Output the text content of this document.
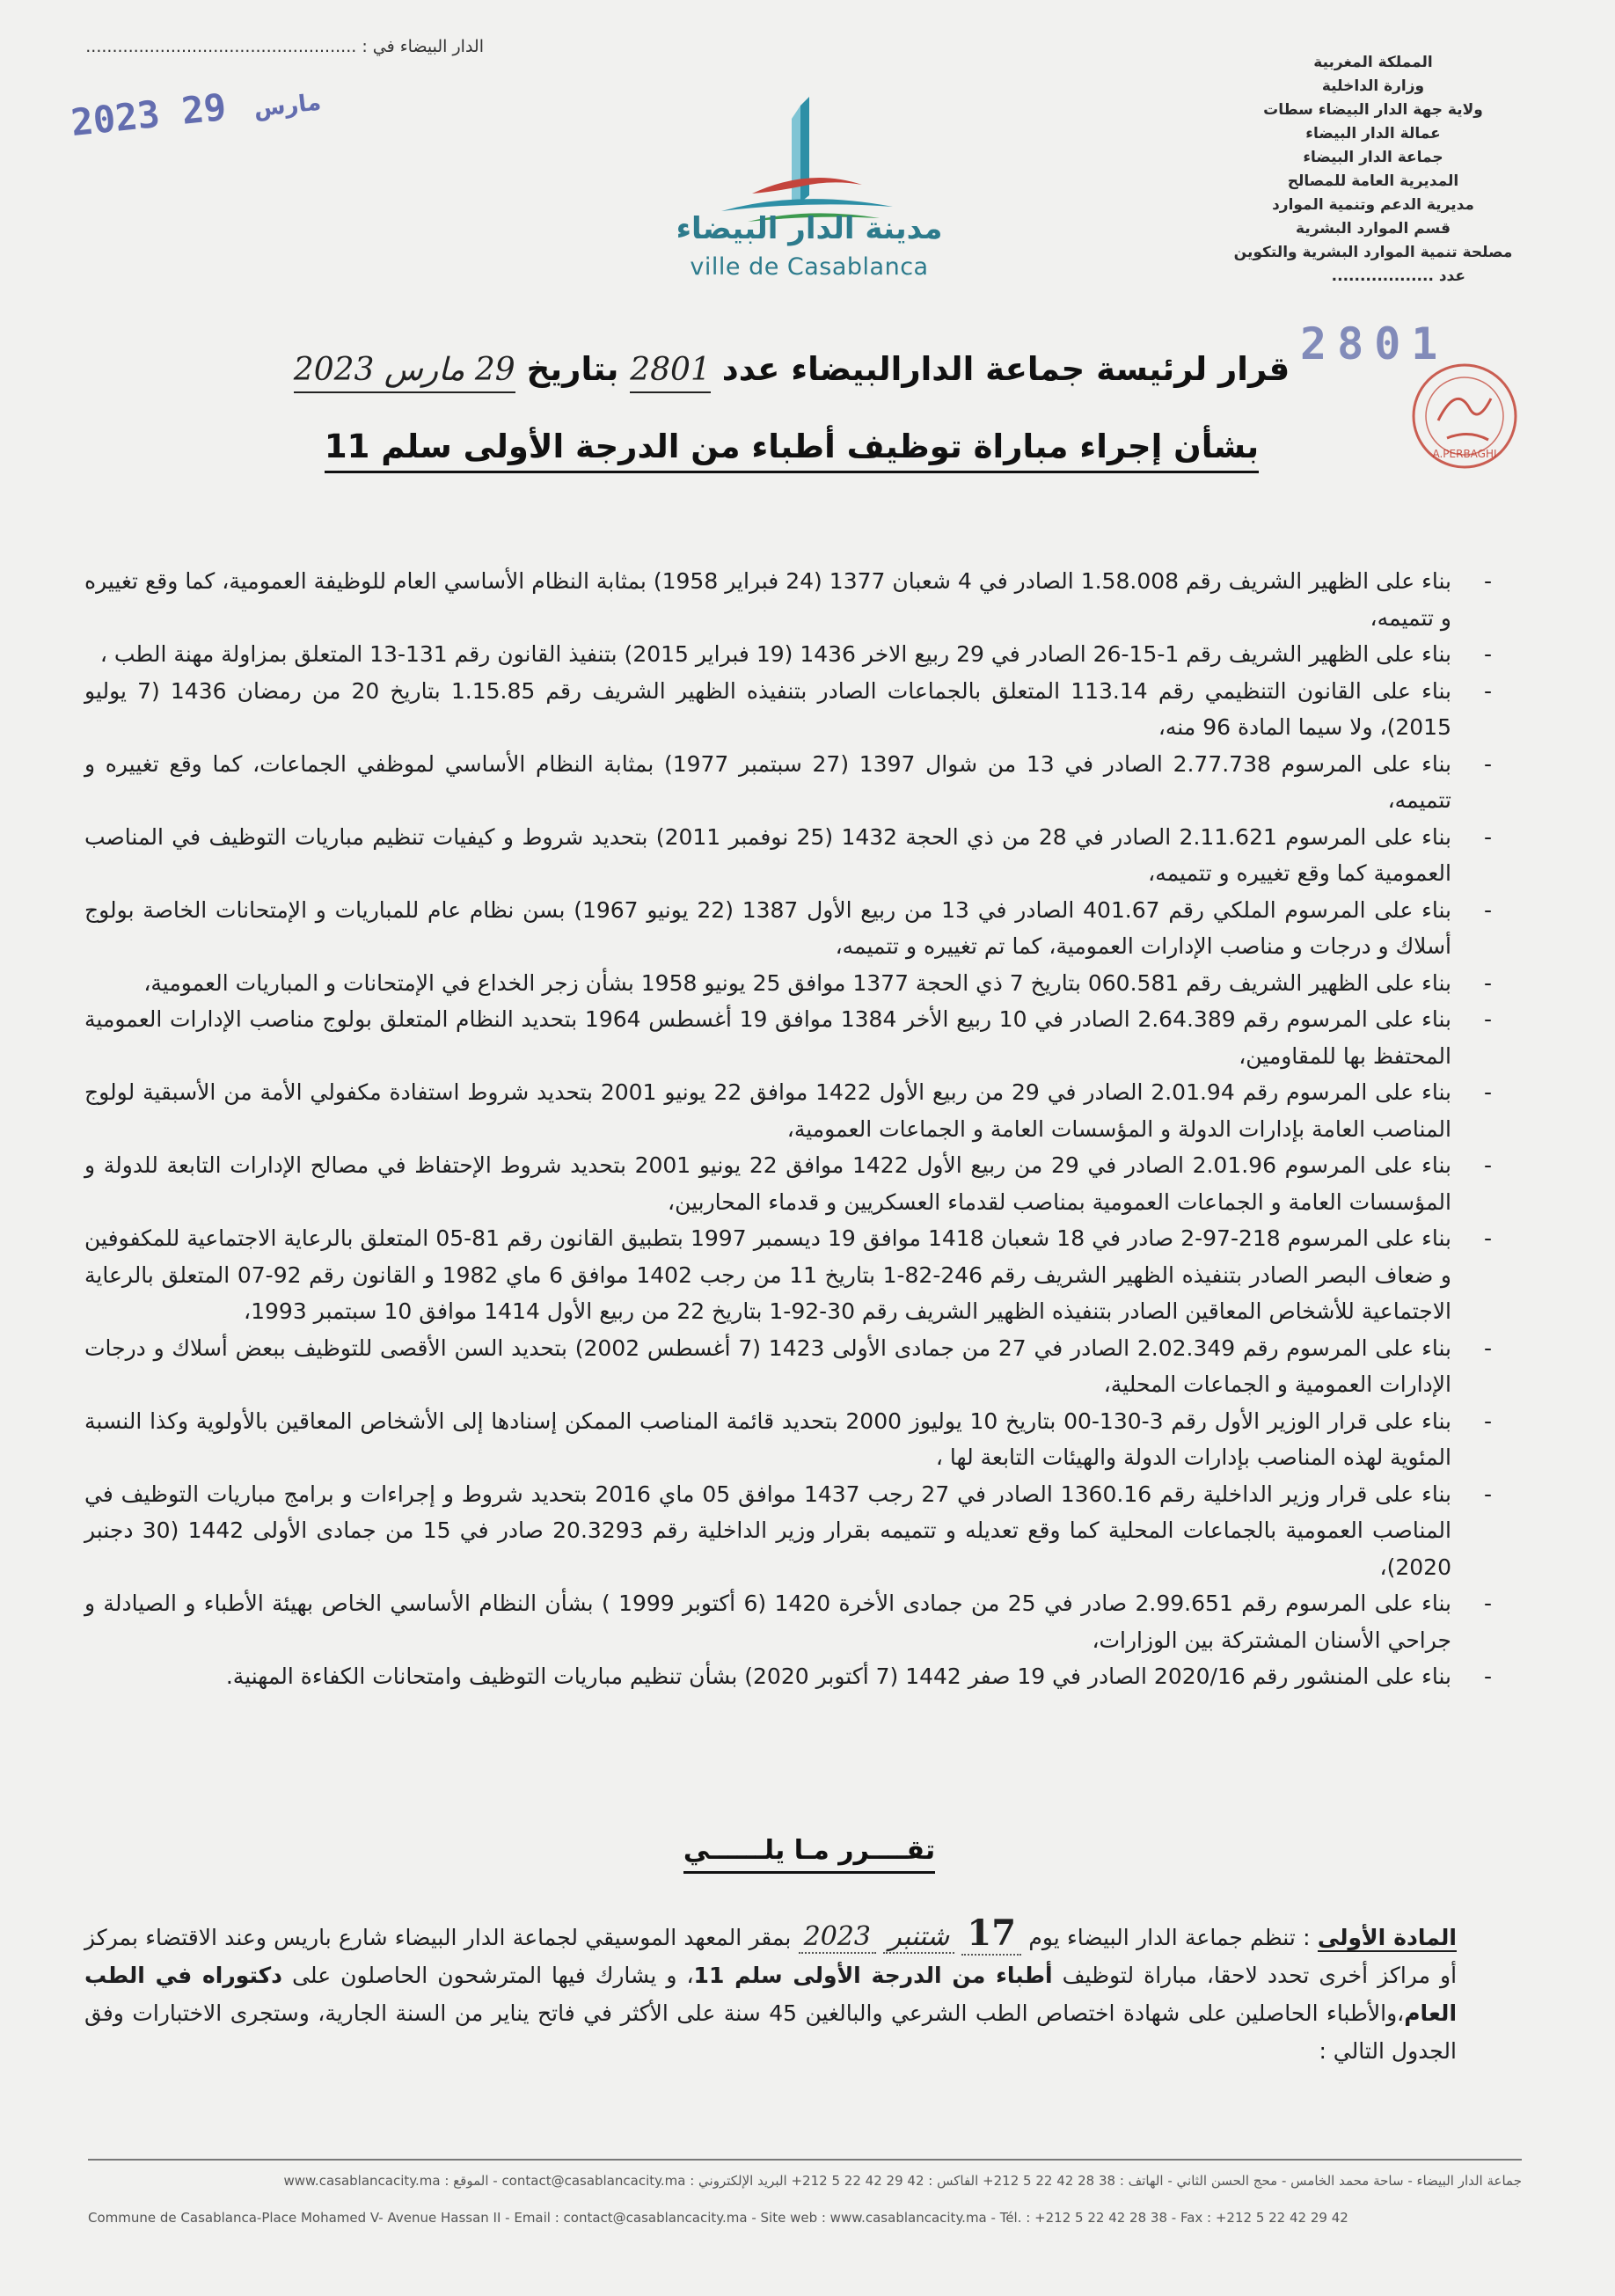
الدار البيضاء في : ...................................................
2023	مارس 29
مدينة الدار البيضاء
ville de Casablanca
المملكة المغربية
وزارة الداخلية
ولاية جهة الدار البيضاء سطات
عمالة الدار البيضاء
جماعة الدار البيضاء
المديرية العامة للمصالح
مديرية الدعم وتنمية الموارد
قسم الموارد البشرية
مصلحة تنمية الموارد البشرية والتكوين
عدد ..................
2801
A.PERBAGHI
قرار لرئيسة جماعة الدارالبيضاء عدد 2801 بتاريخ 29 مارس 2023
بشأن إجراء مباراة توظيف أطباء من الدرجة الأولى سلم 11
- بناء على الظهير الشريف رقم 1.58.008 الصادر في 4 شعبان 1377 (24 فبراير 1958) بمثابة النظام الأساسي العام للوظيفة العمومية، كما وقع تغييره و تتميمه،
- بناء على الظهير الشريف رقم 1-15-26 الصادر في 29 ربيع الاخر 1436 (19 فبراير 2015) بتنفيذ القانون رقم 131-13 المتعلق بمزاولة مهنة الطب ،
- بناء على القانون التنظيمي رقم 113.14 المتعلق بالجماعات الصادر بتنفيذه الظهير الشريف رقم 1.15.85 بتاريخ 20 من رمضان 1436 (7 يوليو 2015)، ولا سيما المادة 96 منه،
- بناء على المرسوم 2.77.738 الصادر في 13 من شوال 1397 (27 سبتمبر 1977) بمثابة النظام الأساسي لموظفي الجماعات، كما وقع تغييره و تتميمه،
- بناء على المرسوم 2.11.621 الصادر في 28 من ذي الحجة 1432 (25 نوفمبر 2011) بتحديد شروط و كيفيات تنظيم مباريات التوظيف في المناصب العمومية كما وقع تغييره و تتميمه،
- بناء على المرسوم الملكي رقم 401.67 الصادر في 13 من ربيع الأول 1387 (22 يونيو 1967) بسن نظام عام للمباريات و الإمتحانات الخاصة بولوج أسلاك و درجات و مناصب الإدارات العمومية، كما تم تغييره و تتميمه،
- بناء على الظهير الشريف رقم 060.581 بتاريخ 7 ذي الحجة 1377 موافق 25 يونيو 1958 بشأن زجر الخداع في الإمتحانات و المباريات العمومية،
- بناء على المرسوم رقم 2.64.389 الصادر في 10 ربيع الأخر 1384 موافق 19 أغسطس 1964 بتحديد النظام المتعلق بولوج مناصب الإدارات العمومية المحتفظ بها للمقاومين،
- بناء على المرسوم رقم 2.01.94 الصادر في 29 من ربيع الأول 1422 موافق 22 يونيو 2001 بتحديد شروط استفادة مكفولي الأمة من الأسبقية لولوج المناصب العامة بإدارات الدولة و المؤسسات العامة و الجماعات العمومية،
- بناء على المرسوم 2.01.96 الصادر في 29 من ربيع الأول 1422 موافق 22 يونيو 2001 بتحديد شروط الإحتفاظ في مصالح الإدارات التابعة للدولة و المؤسسات العامة و الجماعات العمومية بمناصب لقدماء العسكريين و قدماء المحاربين،
- بناء على المرسوم 218-97-2 صادر في 18 شعبان 1418 موافق 19 ديسمبر 1997 بتطبيق القانون رقم 81-05 المتعلق بالرعاية الاجتماعية للمكفوفين و ضعاف البصر الصادر بتنفيذه الظهير الشريف رقم 246-82-1 بتاريخ 11 من رجب 1402 موافق 6 ماي 1982 و القانون رقم 92-07 المتعلق بالرعاية الاجتماعية للأشخاص المعاقين الصادر بتنفيذه الظهير الشريف رقم 30-92-1 بتاريخ 22 من ربيع الأول 1414 موافق 10 سبتمبر 1993،
- بناء على المرسوم رقم 2.02.349 الصادر في 27 من جمادى الأولى 1423 (7 أغسطس 2002) بتحديد السن الأقصى للتوظيف ببعض أسلاك و درجات الإدارات العمومية و الجماعات المحلية،
- بناء على قرار الوزير الأول رقم 3-130-00 بتاريخ 10 يوليوز 2000 بتحديد قائمة المناصب الممكن إسنادها إلى الأشخاص المعاقين بالأولوية وكذا النسبة المئوية لهذه المناصب بإدارات الدولة والهيئات التابعة لها ،
- بناء على قرار وزير الداخلية رقم 1360.16 الصادر في 27 رجب 1437 موافق 05 ماي 2016 بتحديد شروط و إجراءات و برامج مباريات التوظيف في المناصب العمومية بالجماعات المحلية كما وقع تعديله و تتميمه بقرار وزير الداخلية رقم 20.3293 صادر في 15 من جمادى الأولى 1442 (30 دجنبر 2020)،
- بناء على المرسوم رقم 2.99.651 صادر في 25 من جمادى الأخرة 1420 (6 أكتوبر 1999 ) بشأن النظام الأساسي الخاص بهيئة الأطباء و الصيادلة و جراحي الأسنان المشتركة بين الوزارات،
- بناء على المنشور رقم 2020/16 الصادر في 19 صفر 1442 (7 أكتوبر 2020) بشأن تنظيم مباريات التوظيف وامتحانات الكفاءة المهنية.
تقــــرر مـا يلــــــي
المادة الأولى : تنظم جماعة الدار البيضاء يوم 17 شتنبر 2023 بمقر المعهد الموسيقي لجماعة الدار البيضاء شارع باريس وعند الاقتضاء بمركز أو مراكز أخرى تحدد لاحقا، مباراة لتوظيف أطباء من الدرجة الأولى سلم 11، و يشارك فيها المترشحون الحاصلون على دكتوراه في الطب العام،والأطباء الحاصلين على شهادة اختصاص الطب الشرعي والبالغين 45 سنة على الأكثر في فاتح يناير من السنة الجارية، وستجرى الاختبارات وفق الجدول التالي :
جماعة الدار البيضاء - ساحة محمد الخامس - محج الحسن الثاني - الهاتف : 38 28 42 22 5 212+ الفاكس : 42 29 42 22 5 212+ البريد الإلكتروني : contact@casablancacity.ma - الموقع : www.casablancacity.ma
Commune de Casablanca-Place Mohamed V- Avenue Hassan II - Email : contact@casablancacity.ma - Site web : www.casablancacity.ma - Tél. : +212 5 22 42 28 38 - Fax : +212 5 22 42 29 42
